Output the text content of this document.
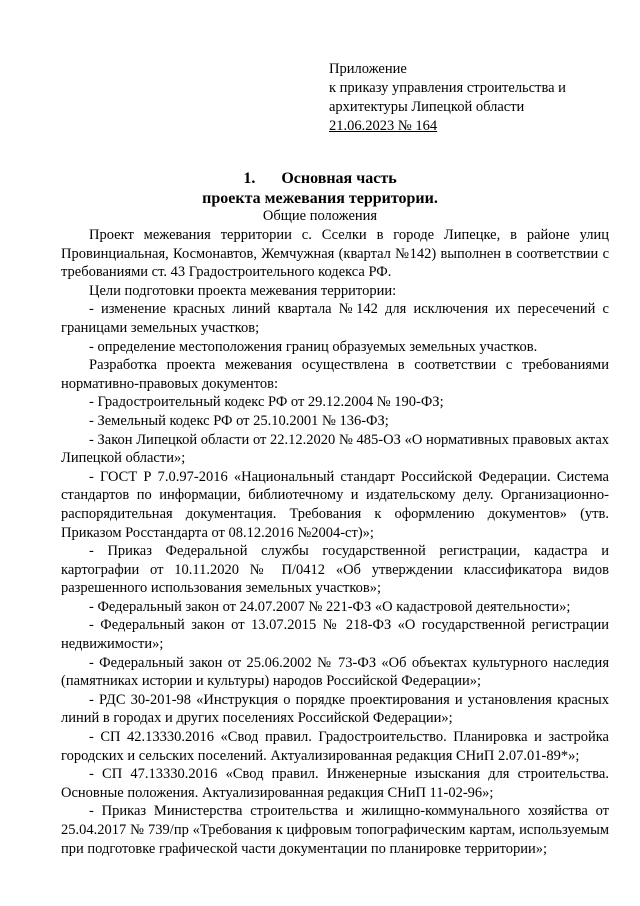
Приложение
к приказу управления строительства и
архитектуры Липецкой области
21.06.2023 № 164
1. Основная часть
проекта межевания территории.
Общие положения

Проект межевания территории с. Сселки в городе Липецке, в районе улиц Провинциальная, Космонавтов, Жемчужная (квартал №142) выполнен в соответствии с требованиями ст. 43 Градостроительного кодекса РФ.

Цели подготовки проекта межевания территории:

- изменение красных линий квартала №142 для исключения их пересечений с границами земельных участков;

- определение местоположения границ образуемых земельных участков.

Разработка проекта межевания осуществлена в соответствии с требованиями нормативно-правовых документов:

- Градостроительный кодекс РФ от 29.12.2004 № 190-ФЗ;

- Земельный кодекс РФ от 25.10.2001 № 136-ФЗ;

- Закон Липецкой области от 22.12.2020 № 485-ОЗ «О нормативных правовых актах Липецкой области»;

- ГОСТ Р 7.0.97-2016 «Национальный стандарт Российской Федерации. Система стандартов по информации, библиотечному и издательскому делу. Организационно-распорядительная документация. Требования к оформлению документов» (утв. Приказом Росстандарта от 08.12.2016 №2004-ст)»;

- Приказ Федеральной службы государственной регистрации, кадастра и картографии от 10.11.2020 № П/0412 «Об утверждении классификатора видов разрешенного использования земельных участков»;

- Федеральный закон от 24.07.2007 № 221-ФЗ «О кадастровой деятельности»;

- Федеральный закон от 13.07.2015 № 218-ФЗ «О государственной регистрации недвижимости»;

- Федеральный закон от 25.06.2002 № 73-ФЗ «Об объектах культурного наследия (памятниках истории и культуры) народов Российской Федерации»;

- РДС 30-201-98 «Инструкция о порядке проектирования и установления красных линий в городах и других поселениях Российской Федерации»;

- СП 42.13330.2016 «Свод правил. Градостроительство. Планировка и застройка городских и сельских поселений. Актуализированная редакция СНиП 2.07.01-89*»;

- СП 47.13330.2016 «Свод правил. Инженерные изыскания для строительства. Основные положения. Актуализированная редакция СНиП 11-02-96»;

- Приказ Министерства строительства и жилищно-коммунального хозяйства от 25.04.2017 № 739/пр «Требования к цифровым топографическим картам, используемым при подготовке графической части документации по планировке территории»;
